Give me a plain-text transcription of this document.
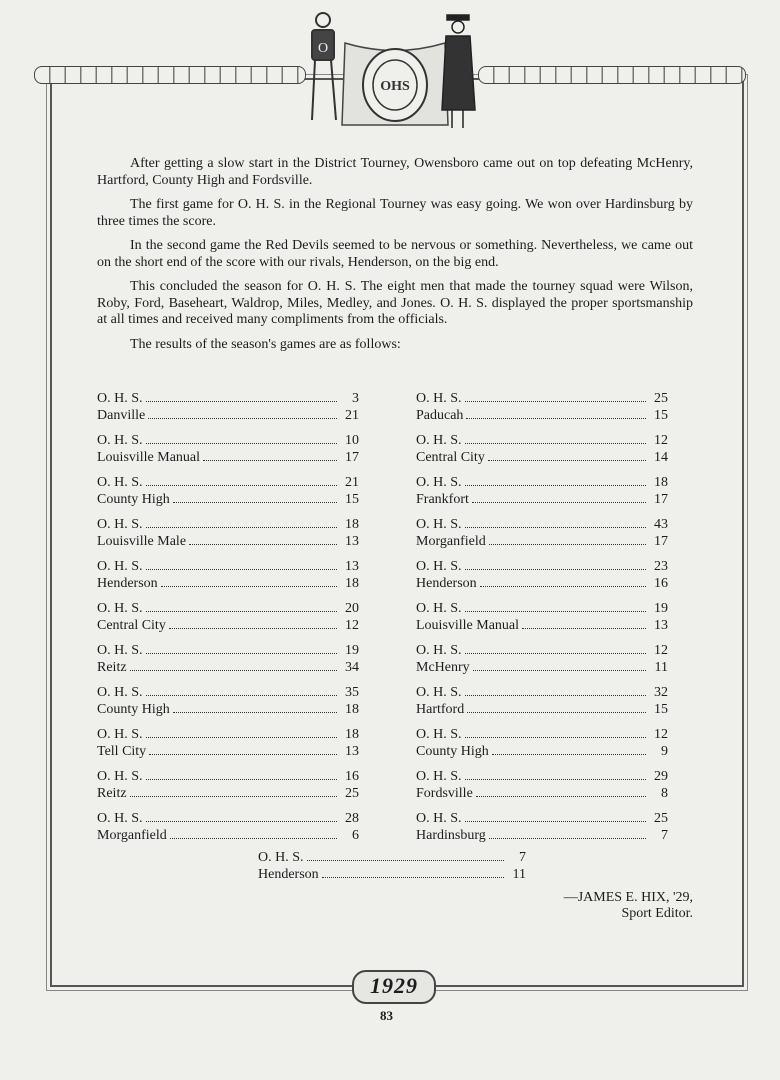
O
OHS

After getting a slow start in the District Tourney, Owensboro came out on top defeating McHenry, Hartford, County High and Fordsville.

The first game for O. H. S. in the Regional Tourney was easy going. We won over Hardinsburg by three times the score.

In the second game the Red Devils seemed to be nervous or something. Nevertheless, we came out on the short end of the score with our rivals, Henderson, on the big end.

This concluded the season for O. H. S. The eight men that made the tourney squad were Wilson, Roby, Ford, Baseheart, Waldrop, Miles, Medley, and Jones. O. H. S. displayed the proper sportsmanship at all times and received many compliments from the officials.

The results of the season's games are as follows:

O. H. S.	3
Danville	21
O. H. S.	10
Louisville Manual	17
O. H. S.	21
County High	15
O. H. S.	18
Louisville Male	13
O. H. S.	13
Henderson	18
O. H. S.	20
Central City	12
O. H. S.	19
Reitz	34
O. H. S.	35
County High	18
O. H. S.	18
Tell City	13
O. H. S.	16
Reitz	25
O. H. S.	28
Morganfield	6
O. H. S.	25
Paducah	15
O. H. S.	12
Central City	14
O. H. S.	18
Frankfort	17
O. H. S.	43
Morganfield	17
O. H. S.	23
Henderson	16
O. H. S.	19
Louisville Manual	13
O. H. S.	12
McHenry	11
O. H. S.	32
Hartford	15
O. H. S.	12
County High	9
O. H. S.	29
Fordsville	8
O. H. S.	25
Hardinsburg	7
O. H. S.	7
Henderson	11
—JAMES E. HIX, '29,
Sport Editor.
1929
83
